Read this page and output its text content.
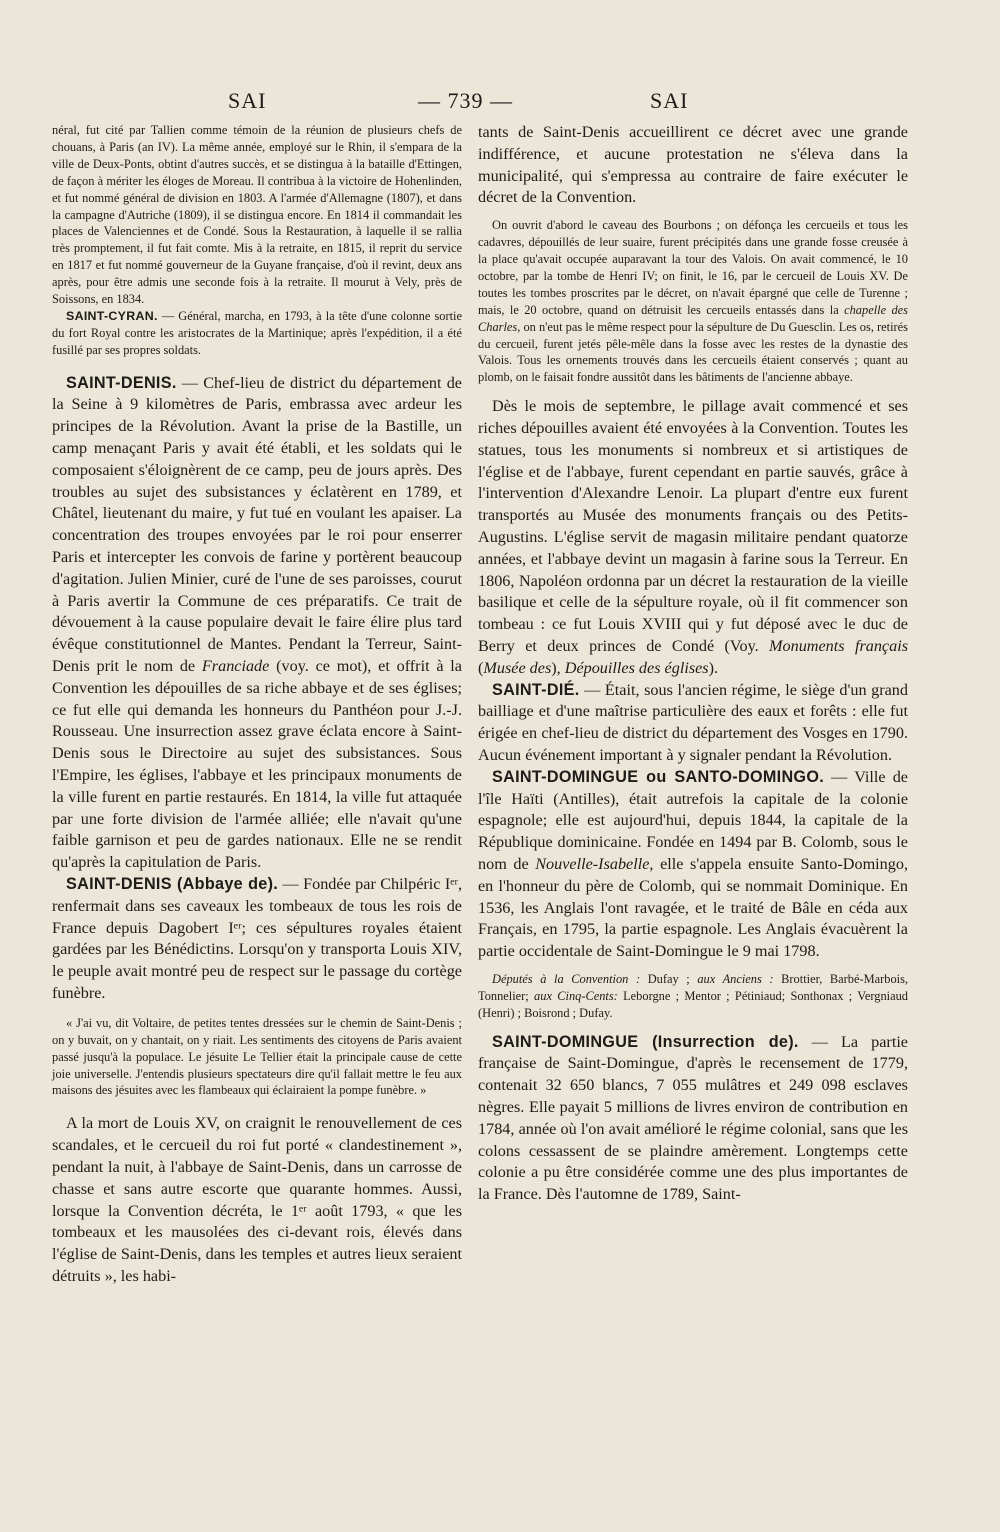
SAI	— 739 —	SAI

néral, fut cité par Tallien comme témoin de la réunion de plusieurs chefs de chouans, à Paris (an IV). La même année, employé sur le Rhin, il s'empara de la ville de Deux-Ponts, obtint d'autres succès, et se distingua à la bataille d'Ettingen, de façon à mériter les éloges de Moreau. Il contribua à la victoire de Hohenlinden, et fut nommé général de division en 1803. A l'armée d'Allemagne (1807), et dans la campagne d'Autriche (1809), il se distingua encore. En 1814 il commandait les places de Valenciennes et de Condé. Sous la Restauration, à laquelle il se rallia très promptement, il fut fait comte. Mis à la retraite, en 1815, il reprit du service en 1817 et fut nommé gouverneur de la Guyane française, d'où il revint, deux ans après, pour être admis une seconde fois à la retraite. Il mourut à Vely, près de Soissons, en 1834.

SAINT-CYRAN. — Général, marcha, en 1793, à la tête d'une colonne sortie du fort Royal contre les aristocrates de la Martinique; après l'expédition, il a été fusillé par ses propres soldats.

SAINT-DENIS. — Chef-lieu de district du département de la Seine à 9 kilomètres de Paris, embrassa avec ardeur les principes de la Révolution. Avant la prise de la Bastille, un camp menaçant Paris y avait été établi, et les soldats qui le composaient s'éloignèrent de ce camp, peu de jours après. Des troubles au sujet des subsistances y éclatèrent en 1789, et Châtel, lieutenant du maire, y fut tué en voulant les apaiser. La concentration des troupes envoyées par le roi pour enserrer Paris et intercepter les convois de farine y portèrent beaucoup d'agitation. Julien Minier, curé de l'une de ses paroisses, courut à Paris avertir la Commune de ces préparatifs. Ce trait de dévouement à la cause populaire devait le faire élire plus tard évêque constitutionnel de Mantes. Pendant la Terreur, Saint-Denis prit le nom de Franciade (voy. ce mot), et offrit à la Convention les dépouilles de sa riche abbaye et de ses églises; ce fut elle qui demanda les honneurs du Panthéon pour J.-J. Rousseau. Une insurrection assez grave éclata encore à Saint-Denis sous le Directoire au sujet des subsistances. Sous l'Empire, les églises, l'abbaye et les principaux monuments de la ville furent en partie restaurés. En 1814, la ville fut attaquée par une forte division de l'armée alliée; elle n'avait qu'une faible garnison et peu de gardes nationaux. Elle ne se rendit qu'après la capitulation de Paris.

SAINT-DENIS (Abbaye de). — Fondée par Chilpéric Iᵉʳ, renfermait dans ses caveaux les tombeaux de tous les rois de France depuis Dagobert Iᵉʳ; ces sépultures royales étaient gardées par les Bénédictins. Lorsqu'on y transporta Louis XIV, le peuple avait montré peu de respect sur le passage du cortège funèbre.

« J'ai vu, dit Voltaire, de petites tentes dressées sur le chemin de Saint-Denis ; on y buvait, on y chantait, on y riait. Les sentiments des citoyens de Paris avaient passé jusqu'à la populace. Le jésuite Le Tellier était la principale cause de cette joie universelle. J'entendis plusieurs spectateurs dire qu'il fallait mettre le feu aux maisons des jésuites avec les flambeaux qui éclairaient la pompe funèbre. »

A la mort de Louis XV, on craignit le renouvellement de ces scandales, et le cercueil du roi fut porté « clandestinement », pendant la nuit, à l'abbaye de Saint-Denis, dans un carrosse de chasse et sans autre escorte que quarante hommes. Aussi, lorsque la Convention décréta, le 1ᵉʳ août 1793, « que les tombeaux et les mausolées des ci-devant rois, élevés dans l'église de Saint-Denis, dans les temples et autres lieux seraient détruits », les habi-

tants de Saint-Denis accueillirent ce décret avec une grande indifférence, et aucune protestation ne s'éleva dans la municipalité, qui s'empressa au contraire de faire exécuter le décret de la Convention.

On ouvrit d'abord le caveau des Bourbons ; on défonça les cercueils et tous les cadavres, dépouillés de leur suaire, furent précipités dans une grande fosse creusée à la place qu'avait occupée auparavant la tour des Valois. On avait commencé, le 10 octobre, par la tombe de Henri IV; on finit, le 16, par le cercueil de Louis XV. De toutes les tombes proscrites par le décret, on n'avait épargné que celle de Turenne ; mais, le 20 octobre, quand on détruisit les cercueils entassés dans la chapelle des Charles, on n'eut pas le même respect pour la sépulture de Du Guesclin. Les os, retirés du cercueil, furent jetés pêle-mêle dans la fosse avec les restes de la dynastie des Valois. Tous les ornements trouvés dans les cercueils étaient conservés ; quant au plomb, on le faisait fondre aussitôt dans les bâtiments de l'ancienne abbaye.

Dès le mois de septembre, le pillage avait commencé et ses riches dépouilles avaient été envoyées à la Convention. Toutes les statues, tous les monuments si nombreux et si artistiques de l'église et de l'abbaye, furent cependant en partie sauvés, grâce à l'intervention d'Alexandre Lenoir. La plupart d'entre eux furent transportés au Musée des monuments français ou des Petits-Augustins. L'église servit de magasin militaire pendant quatorze années, et l'abbaye devint un magasin à farine sous la Terreur. En 1806, Napoléon ordonna par un décret la restauration de la vieille basilique et celle de la sépulture royale, où il fit commencer son tombeau : ce fut Louis XVIII qui y fut déposé avec le duc de Berry et deux princes de Condé (Voy. Monuments français (Musée des), Dépouilles des églises).

SAINT-DIÉ. — Était, sous l'ancien régime, le siège d'un grand bailliage et d'une maîtrise particulière des eaux et forêts : elle fut érigée en chef-lieu de district du département des Vosges en 1790. Aucun événement important à y signaler pendant la Révolution.

SAINT-DOMINGUE ou SANTO-DOMINGO. — Ville de l'île Haïti (Antilles), était autrefois la capitale de la colonie espagnole; elle est aujourd'hui, depuis 1844, la capitale de la République dominicaine. Fondée en 1494 par B. Colomb, sous le nom de Nouvelle-Isabelle, elle s'appela ensuite Santo-Domingo, en l'honneur du père de Colomb, qui se nommait Dominique. En 1536, les Anglais l'ont ravagée, et le traité de Bâle en céda aux Français, en 1795, la partie espagnole. Les Anglais évacuèrent la partie occidentale de Saint-Domingue le 9 mai 1798.

Députés à la Convention : Dufay ; aux Anciens : Brottier, Barbé-Marbois, Tonnelier; aux Cinq-Cents: Leborgne ; Mentor ; Pétiniaud; Sonthonax ; Vergniaud (Henri) ; Boisrond ; Dufay.

SAINT-DOMINGUE (Insurrection de). — La partie française de Saint-Domingue, d'après le recensement de 1779, contenait 32 650 blancs, 7 055 mulâtres et 249 098 esclaves nègres. Elle payait 5 millions de livres environ de contribution en 1784, année où l'on avait amélioré le régime colonial, sans que les colons cessassent de se plaindre amèrement. Longtemps cette colonie a pu être considérée comme une des plus importantes de la France. Dès l'automne de 1789, Saint-
